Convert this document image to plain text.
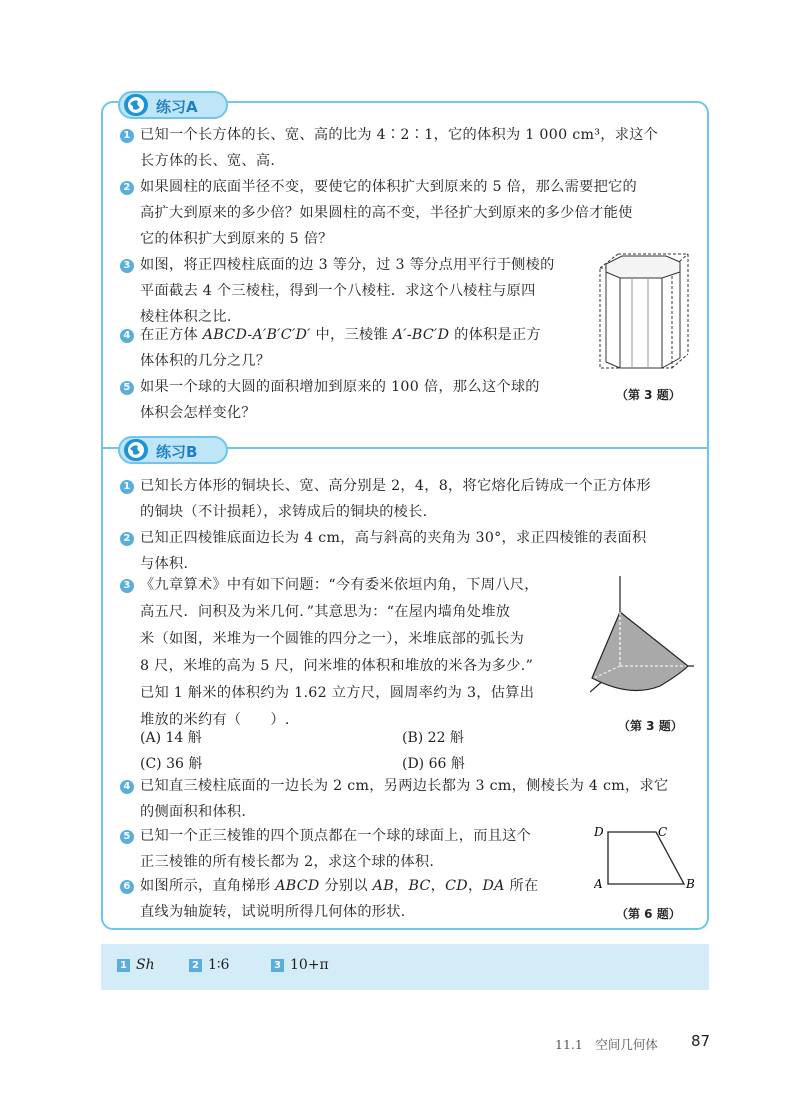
练习A

1 已知一个长方体的长、宽、高的比为 4∶2∶1，它的体积为 1 000 cm³，求这个

长方体的长、宽、高.

2 如果圆柱的底面半径不变，要使它的体积扩大到原来的 5 倍，那么需要把它的

高扩大到原来的多少倍？如果圆柱的高不变，半径扩大到原来的多少倍才能使

它的体积扩大到原来的 5 倍？

3 如图，将正四棱柱底面的边 3 等分，过 3 等分点用平行于侧棱的

平面截去 4 个三棱柱，得到一个八棱柱．求这个八棱柱与原四

棱柱体积之比.

4 在正方体 ABCD-A′B′C′D′ 中，三棱锥 A′-BC′D 的体积是正方

体体积的几分之几？

5 如果一个球的大圆的面积增加到原来的 100 倍，那么这个球的

体积会怎样变化？

（第 3 题）
练习B

1 已知长方体形的铜块长、宽、高分别是 2，4，8，将它熔化后铸成一个正方体形

的铜块（不计损耗），求铸成后的铜块的棱长.

2 已知正四棱锥底面边长为 4 cm，高与斜高的夹角为 30°，求正四棱锥的表面积

与体积.

3 《九章算术》中有如下问题：“今有委米依垣内角，下周八尺，

高五尺．问积及为米几何．”其意思为：“在屋内墙角处堆放

米（如图，米堆为一个圆锥的四分之一），米堆底部的弧长为

8 尺，米堆的高为 5 尺，问米堆的体积和堆放的米各为多少.”

已知 1 斛米的体积约为 1.62 立方尺，圆周率约为 3，估算出

堆放的米约有（　　）.

(A) 14 斛	(B) 22 斛
(C) 36 斛	(D) 66 斛
（第 3 题）

4 已知直三棱柱底面的一边长为 2 cm，另两边长都为 3 cm，侧棱长为 4 cm，求它

的侧面积和体积.

5 已知一个正三棱锥的四个顶点都在一个球的球面上，而且这个

正三棱锥的所有棱长都为 2，求这个球的体积.

6 如图所示，直角梯形 ABCD 分别以 AB，BC，CD，DA 所在

直线为轴旋转，试说明所得几何体的形状.

D	C
A	B
（第 6 题）
1 Sh	2 1∶6	3 10+π
11.1　空间几何体 87
